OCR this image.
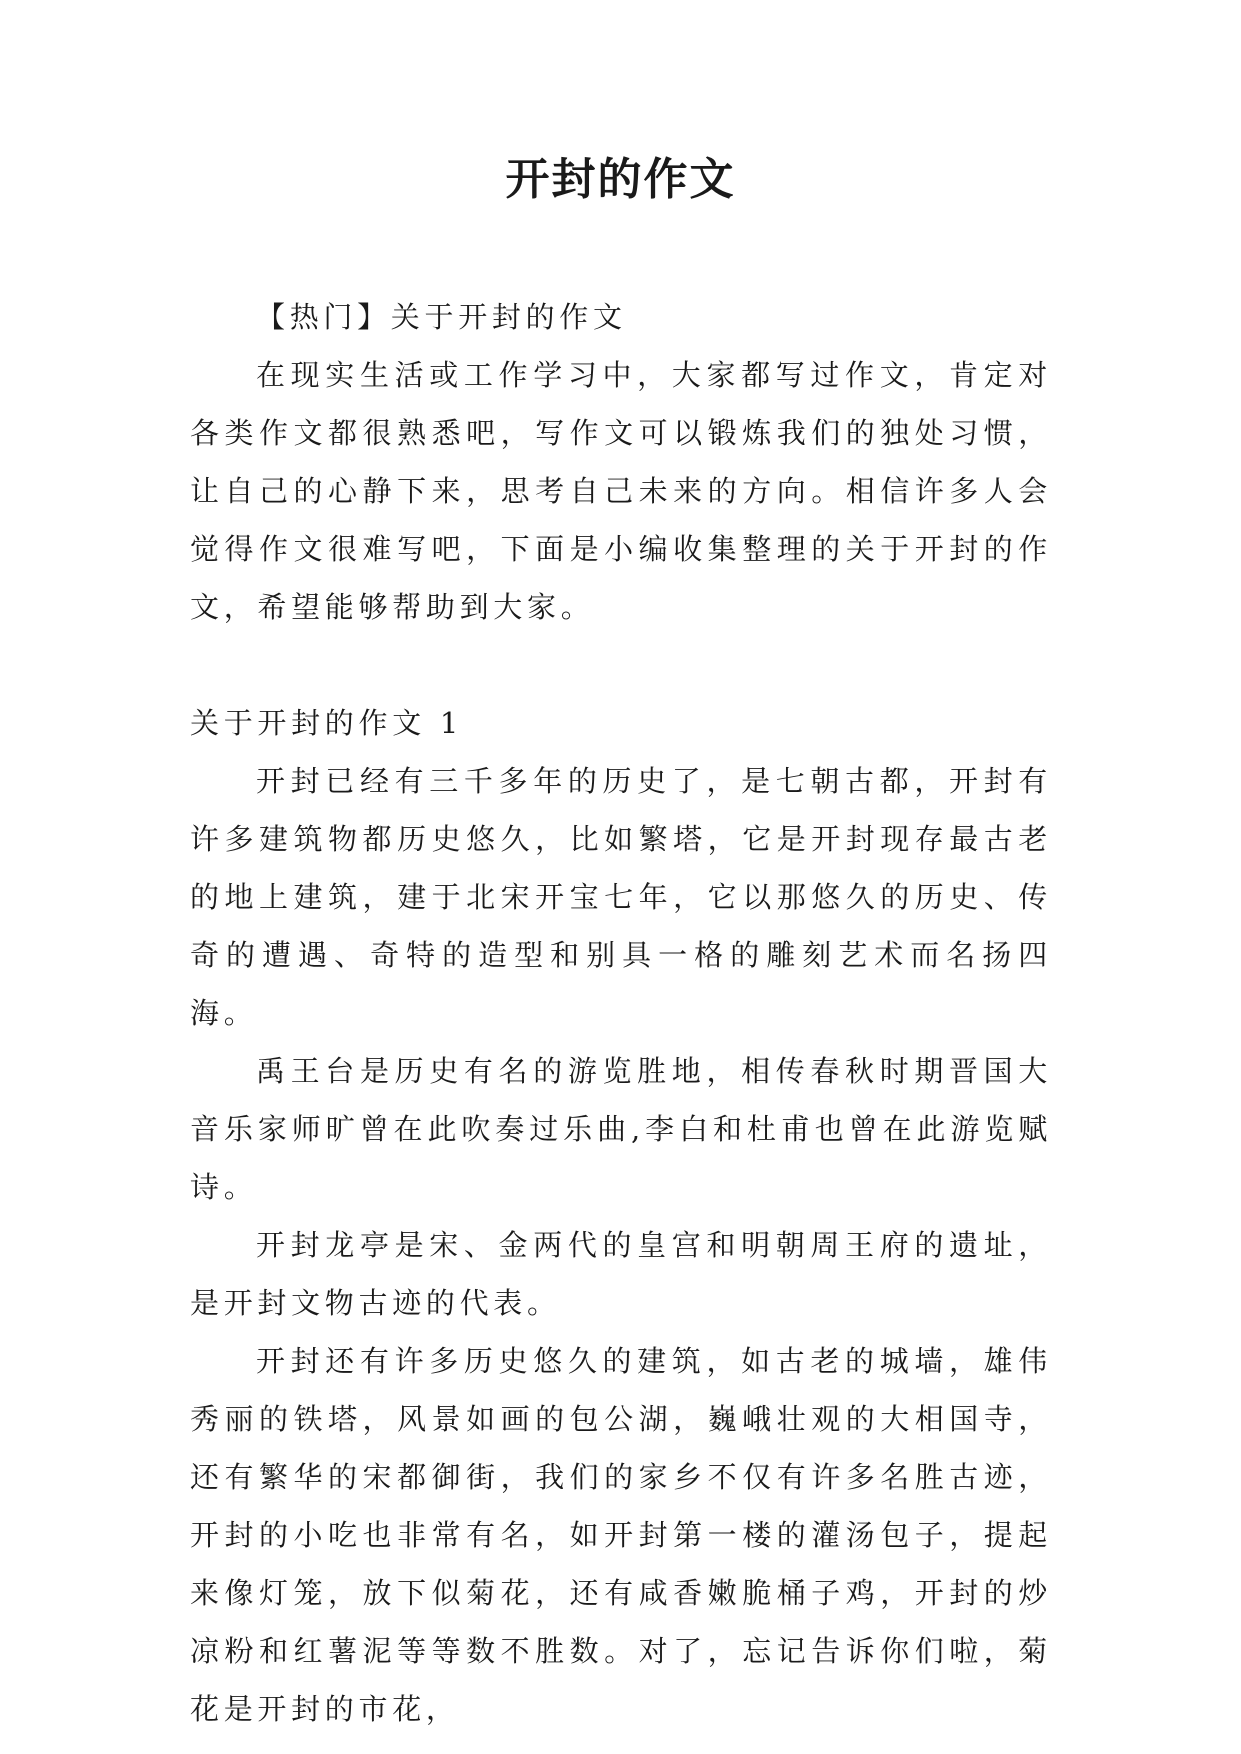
开封的作文

【热门】关于开封的作文

在现实生活或工作学习中，大家都写过作文，肯定对各类作文都很熟悉吧，写作文可以锻炼我们的独处习惯，让自己的心静下来，思考自己未来的方向。相信许多人会觉得作文很难写吧，下面是小编收集整理的关于开封的作文，希望能够帮助到大家。

关于开封的作文 1

开封已经有三千多年的历史了，是七朝古都，开封有许多建筑物都历史悠久，比如繁塔，它是开封现存最古老的地上建筑，建于北宋开宝七年，它以那悠久的历史、传奇的遭遇、奇特的造型和别具一格的雕刻艺术而名扬四海。

禹王台是历史有名的游览胜地，相传春秋时期晋国大音乐家师旷曾在此吹奏过乐曲,李白和杜甫也曾在此游览赋诗。

开封龙亭是宋、金两代的皇宫和明朝周王府的遗址，是开封文物古迹的代表。

开封还有许多历史悠久的建筑，如古老的城墙，雄伟秀丽的铁塔，风景如画的包公湖，巍峨壮观的大相国寺，还有繁华的宋都御街，我们的家乡不仅有许多名胜古迹，开封的小吃也非常有名，如开封第一楼的灌汤包子，提起来像灯笼，放下似菊花，还有咸香嫩脆桶子鸡，开封的炒凉粉和红薯泥等等数不胜数。对了，忘记告诉你们啦，菊花是开封的市花，
